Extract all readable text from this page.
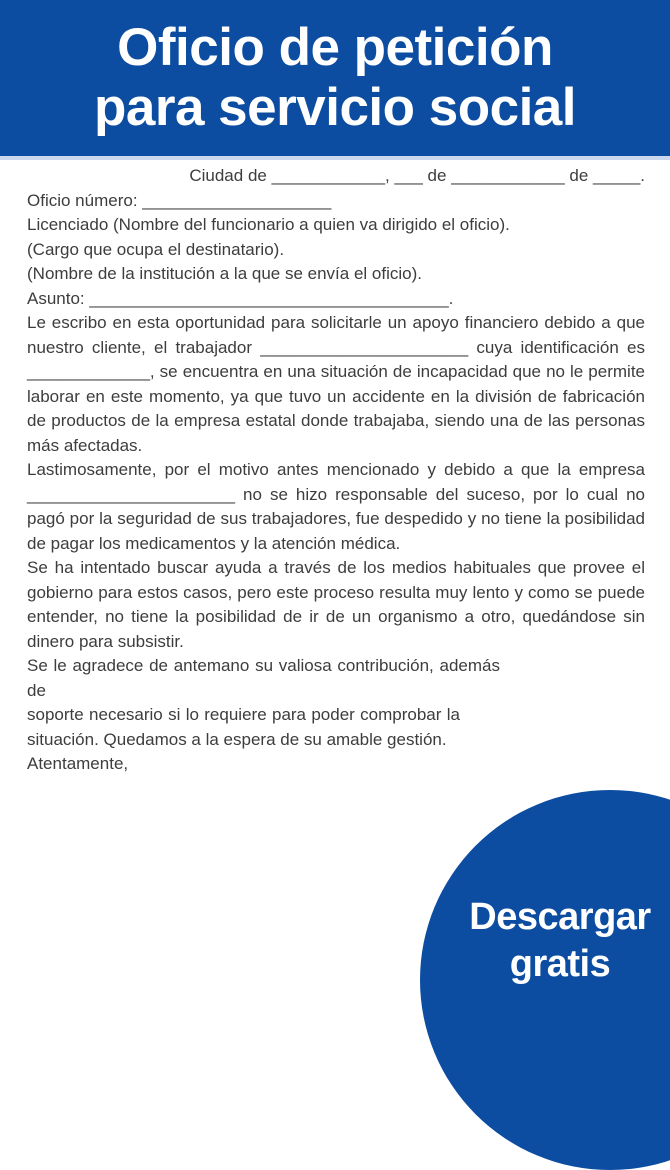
Oficio de petición
para servicio social

Ciudad de ____________, ___ de ____________ de _____.

Oficio número: ____________________

Licenciado (Nombre del funcionario a quien va dirigido el oficio).

(Cargo que ocupa el destinatario).

(Nombre de la institución a la que se envía el oficio).

Asunto: ______________________________________.

Le escribo en esta oportunidad para solicitarle un apoyo financiero debido a que nuestro cliente, el trabajador ______________________ cuya identificación es _____________, se encuentra en una situación de incapacidad que no le permite laborar en este momento, ya que tuvo un accidente en la división de fabricación de productos de la empresa estatal donde trabajaba, siendo una de las personas más afectadas.

Lastimosamente, por el motivo antes mencionado y debido a que la empresa ______________________ no se hizo responsable del suceso, por lo cual no pagó por la seguridad de sus trabajadores, fue despedido y no tiene la posibilidad de pagar los medicamentos y la atención médica.

Se ha intentado buscar ayuda a través de los medios habituales que provee el gobierno para estos casos, pero este proceso resulta muy lento y como se puede entender, no tiene la posibilidad de ir de un organismo a otro, quedándose sin dinero para subsistir.

Se le agradece de antemano su valiosa contribución, además de
soporte necesario si lo requiere para poder comprobar la
situación. Quedamos a la espera de su amable gestión.

Atentamente,

Descargar
gratis
